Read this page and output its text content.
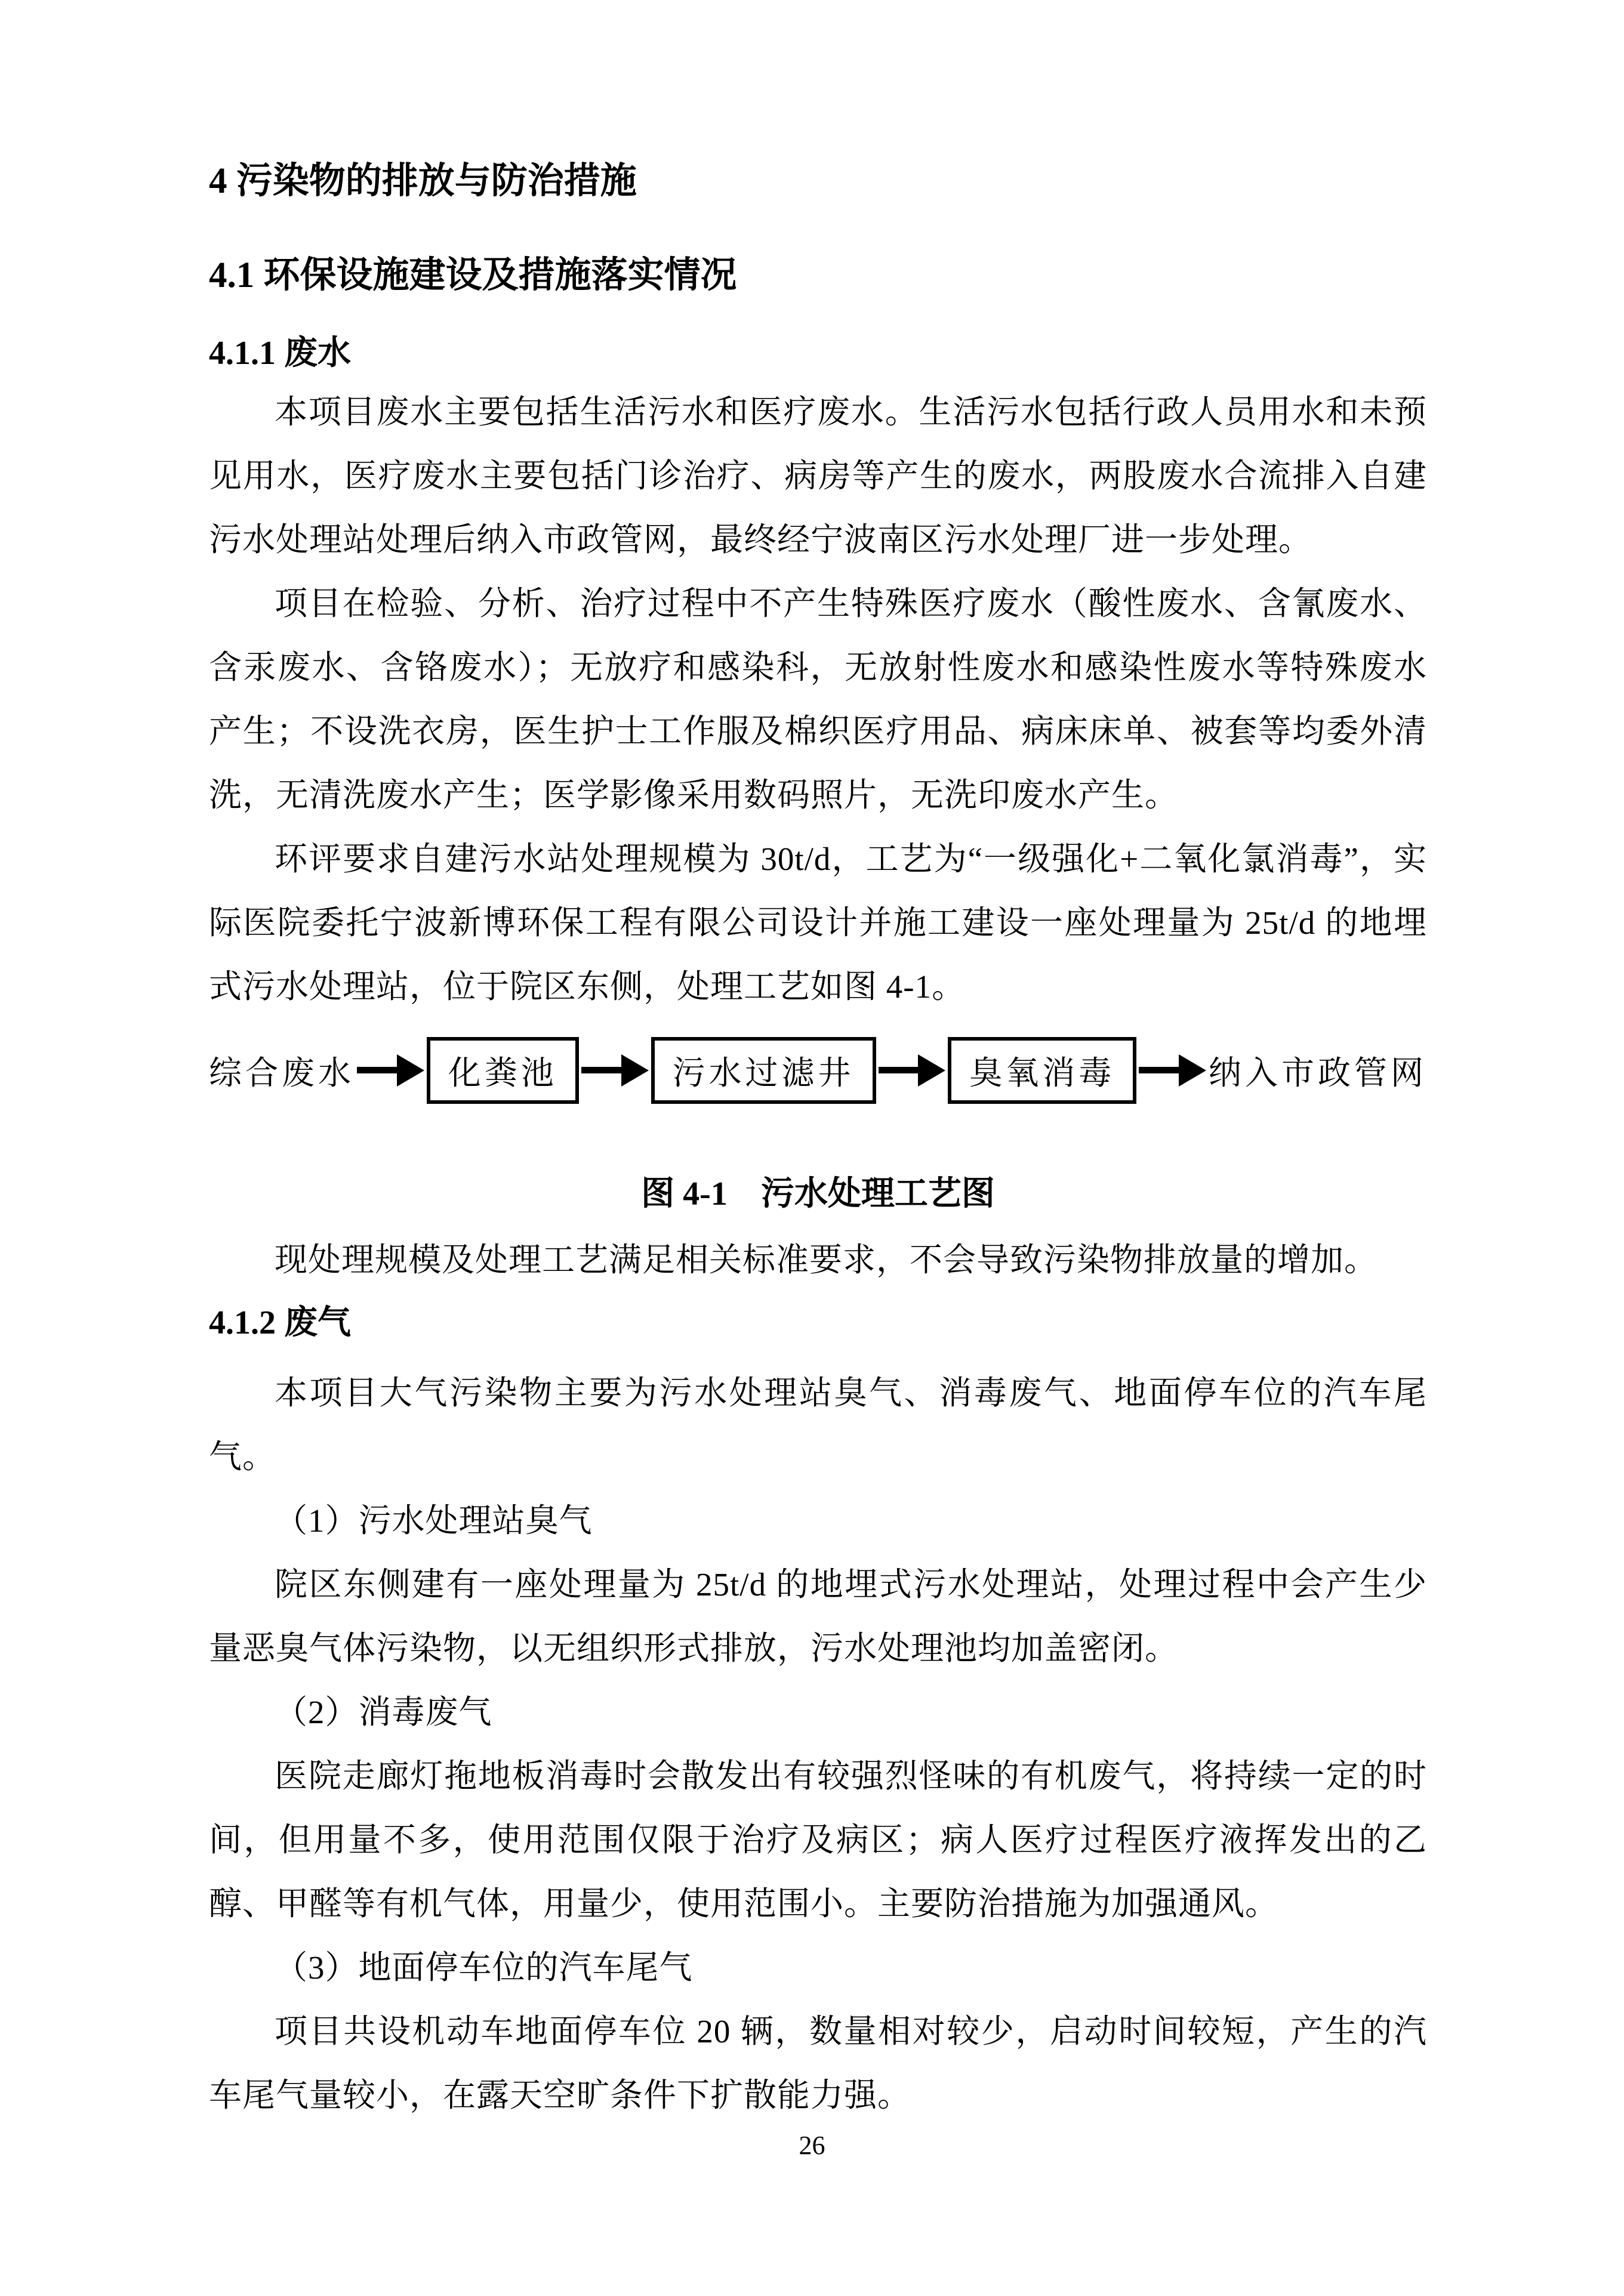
4 污染物的排放与防治措施
4.1 环保设施建设及措施落实情况
4.1.1 废水

本项目废水主要包括生活污水和医疗废水。生活污水包括行政人员用水和未预见用水，医疗废水主要包括门诊治疗、病房等产生的废水，两股废水合流排入自建污水处理站处理后纳入市政管网，最终经宁波南区污水处理厂进一步处理。

项目在检验、分析、治疗过程中不产生特殊医疗废水（酸性废水、含氰废水、含汞废水、含铬废水）；无放疗和感染科，无放射性废水和感染性废水等特殊废水产生；不设洗衣房，医生护士工作服及棉织医疗用品、病床床单、被套等均委外清洗，无清洗废水产生；医学影像采用数码照片，无洗印废水产生。

环评要求自建污水站处理规模为 30t/d，工艺为“一级强化+二氧化氯消毒”，实际医院委托宁波新博环保工程有限公司设计并施工建设一座处理量为 25t/d 的地埋式污水处理站，位于院区东侧，处理工艺如图 4-1。

综合废水	化粪池	污水过滤井	臭氧消毒	纳入市政管网

图 4-1　污水处理工艺图

现处理规模及处理工艺满足相关标准要求，不会导致污染物排放量的增加。

4.1.2 废气

本项目大气污染物主要为污水处理站臭气、消毒废气、地面停车位的汽车尾气。

（1）污水处理站臭气

院区东侧建有一座处理量为 25t/d 的地埋式污水处理站，处理过程中会产生少量恶臭气体污染物，以无组织形式排放，污水处理池均加盖密闭。

（2）消毒废气

医院走廊灯拖地板消毒时会散发出有较强烈怪味的有机废气，将持续一定的时间，但用量不多，使用范围仅限于治疗及病区；病人医疗过程医疗液挥发出的乙醇、甲醛等有机气体，用量少，使用范围小。主要防治措施为加强通风。

（3）地面停车位的汽车尾气

项目共设机动车地面停车位 20 辆，数量相对较少，启动时间较短，产生的汽车尾气量较小，在露天空旷条件下扩散能力强。

26
